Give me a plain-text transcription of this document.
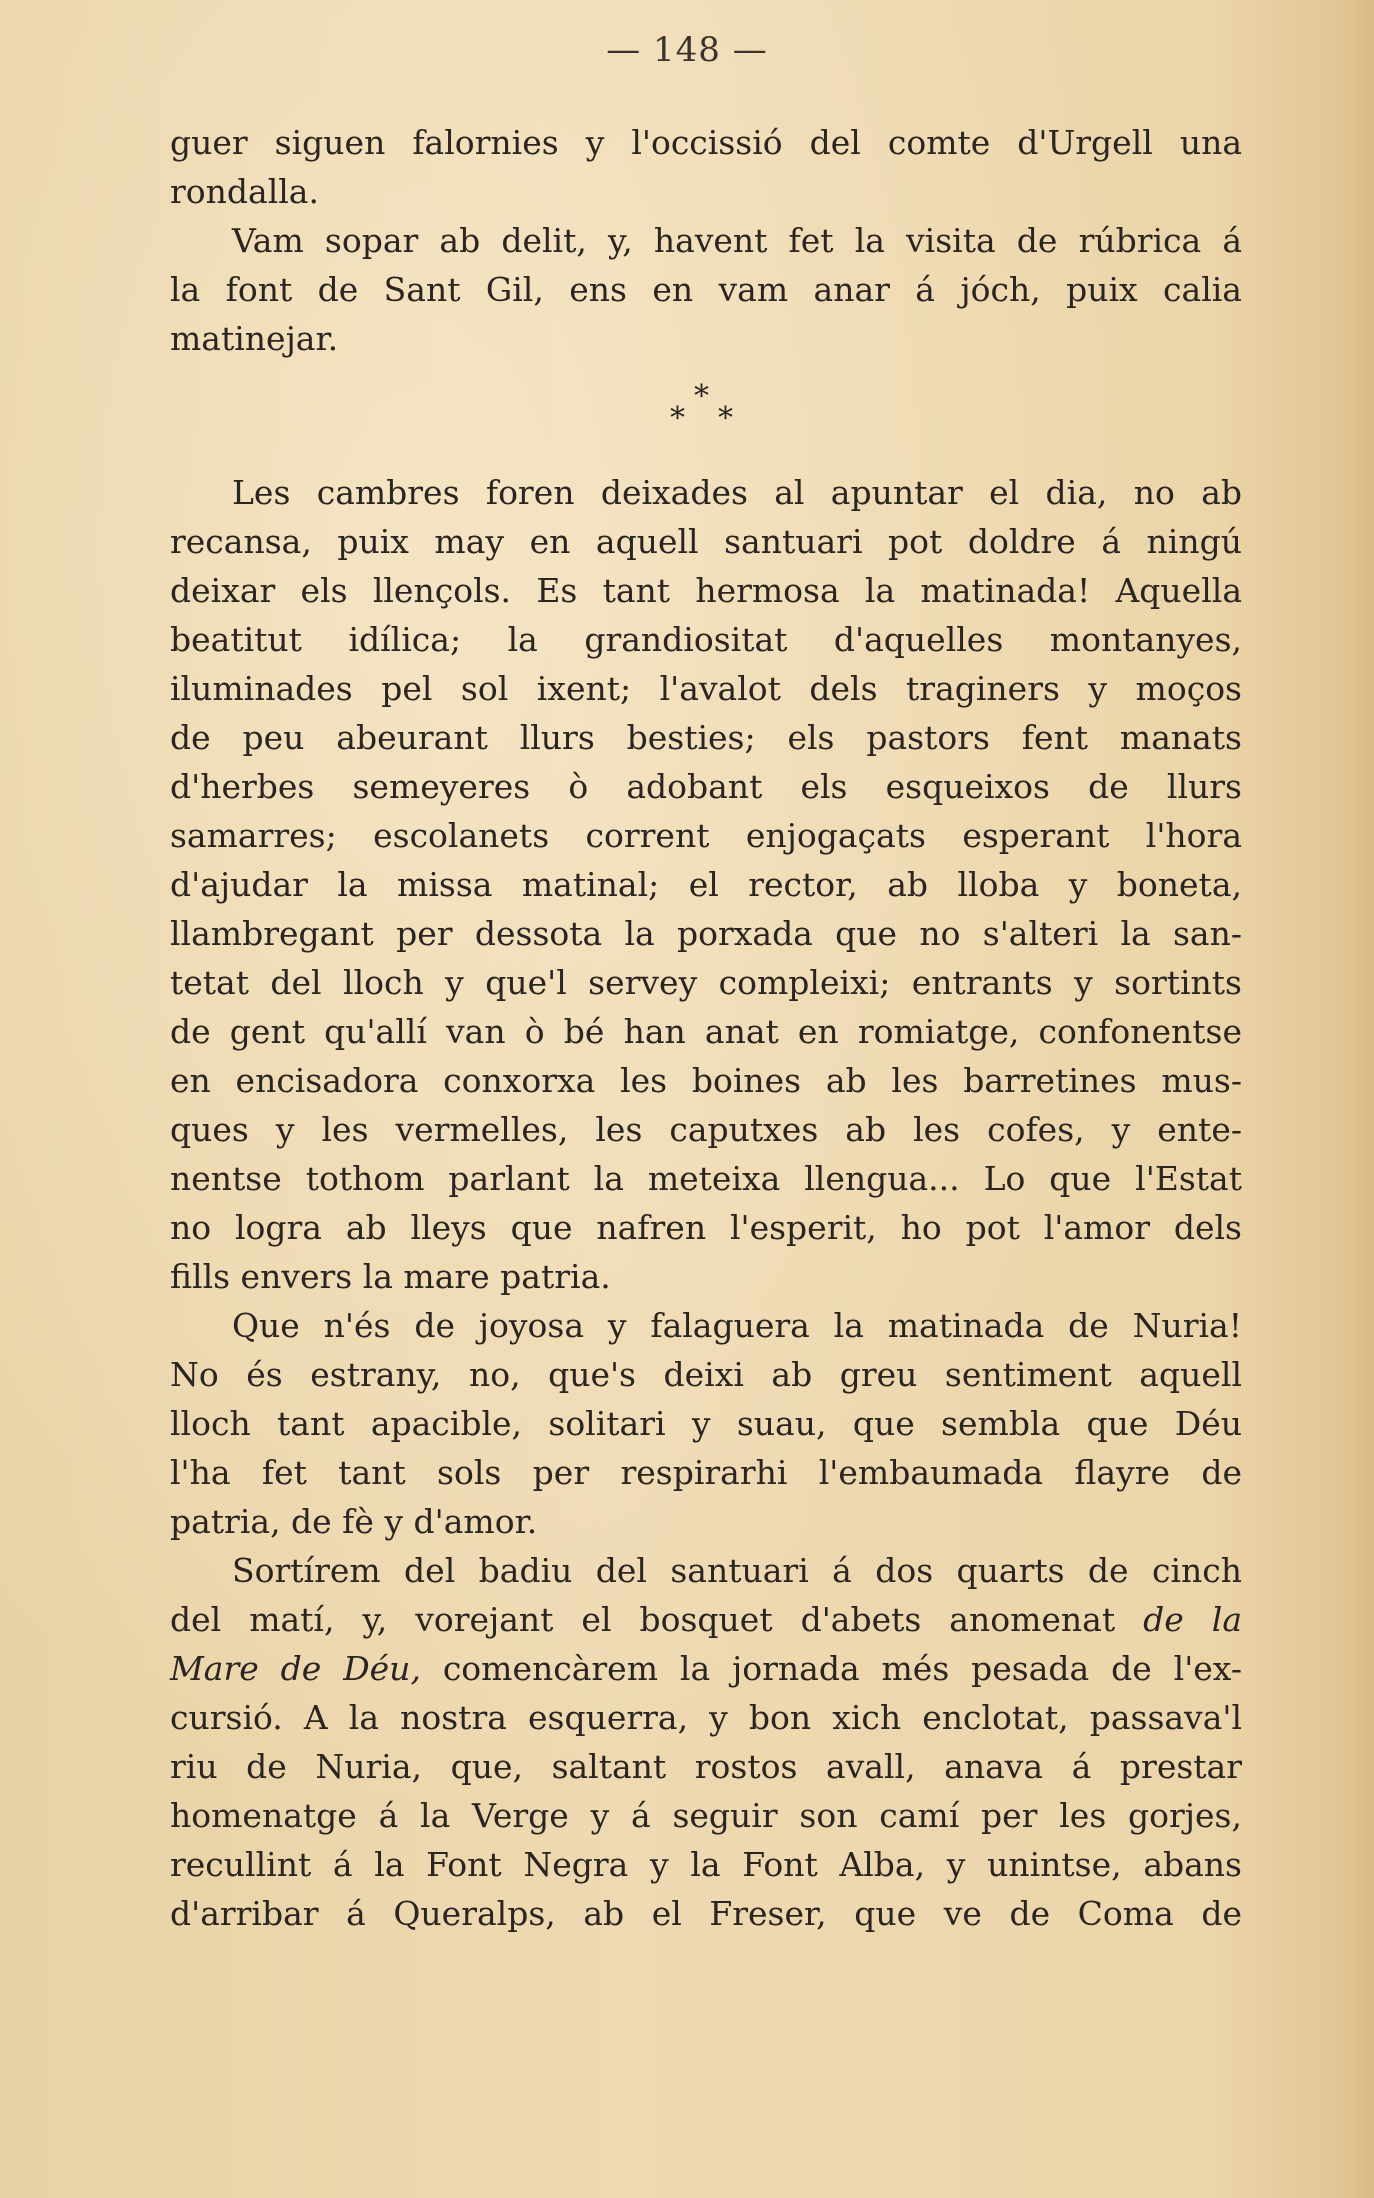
— 148 —
guer siguen falornies y l'occissió del comte d'Urgell una
rondalla.
Vam sopar ab delit, y, havent fet la visita de rúbrica á
la font de Sant Gil, ens en vam anar á jóch, puix calia
matinejar.
*
* *
Les cambres foren deixades al apuntar el dia, no ab
recansa, puix may en aquell santuari pot doldre á ningú
deixar els llençols. Es tant hermosa la matinada! Aquella
beatitut idílica; la grandiositat d'aquelles montanyes,
iluminades pel sol ixent; l'avalot dels traginers y moços
de peu abeurant llurs besties; els pastors fent manats
d'herbes semeyeres ò adobant els esqueixos de llurs
samarres; escolanets corrent enjogaçats esperant l'hora
d'ajudar la missa matinal; el rector, ab lloba y boneta,
llambregant per dessota la porxada que no s'alteri la san-
tetat del lloch y que'l servey compleixi; entrants y sortints
de gent qu'allí van ò bé han anat en romiatge, confonentse
en encisadora conxorxa les boines ab les barretines mus-
ques y les vermelles, les caputxes ab les cofes, y ente-
nentse tothom parlant la meteixa llengua... Lo que l'Estat
no logra ab lleys que nafren l'esperit, ho pot l'amor dels
fills envers la mare patria.
Que n'és de joyosa y falaguera la matinada de Nuria!
No és estrany, no, que's deixi ab greu sentiment aquell
lloch tant apacible, solitari y suau, que sembla que Déu
l'ha fet tant sols per respirarhi l'embaumada flayre de
patria, de fè y d'amor.
Sortírem del badiu del santuari á dos quarts de cinch
del matí, y, vorejant el bosquet d'abets anomenat de la
Mare de Déu, comencàrem la jornada més pesada de l'ex-
cursió. A la nostra esquerra, y bon xich enclotat, passava'l
riu de Nuria, que, saltant rostos avall, anava á prestar
homenatge á la Verge y á seguir son camí per les gorjes,
recullint á la Font Negra y la Font Alba, y unintse, abans
d'arribar á Queralps, ab el Freser, que ve de Coma de
